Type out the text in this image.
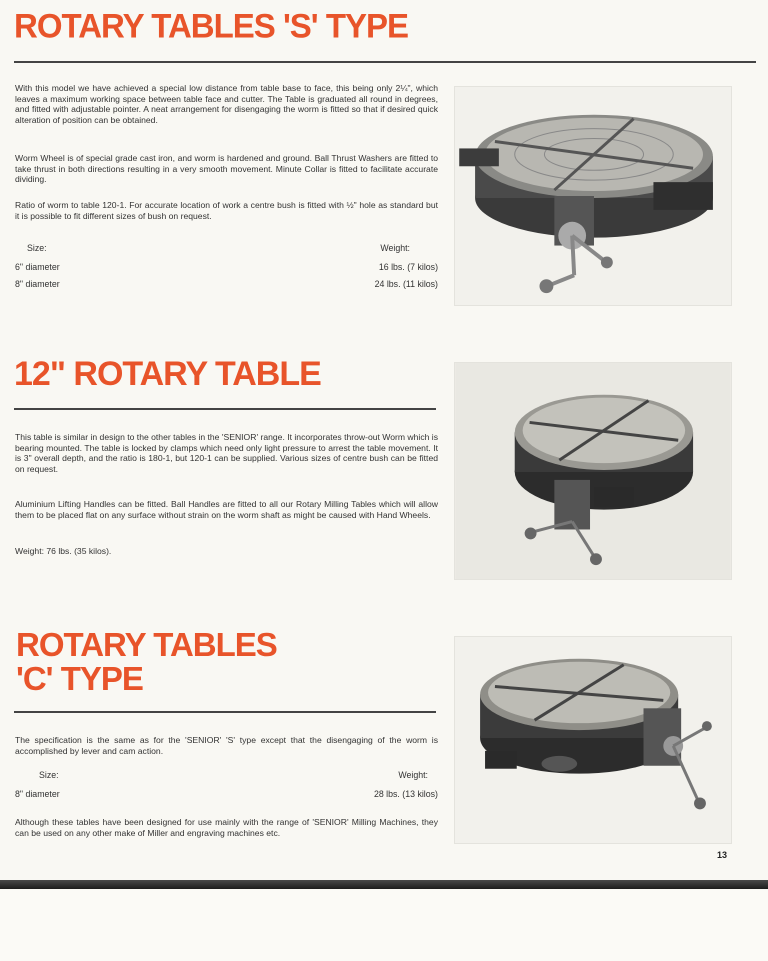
ROTARY TABLES 'S' TYPE
With this model we have achieved a special low distance from table base to face, this being only 2¼", which leaves a maximum working space between table face and cutter. The Table is graduated all round in degrees, and fitted with adjustable pointer. A neat arrangement for disengaging the worm is fitted so that if desired quick alteration of position can be obtained.
Worm Wheel is of special grade cast iron, and worm is hardened and ground. Ball Thrust Washers are fitted to take thrust in both directions resulting in a very smooth movement. Minute Collar is fitted to facilitate accurate dividing.
Ratio of worm to table 120-1. For accurate location of work a centre bush is fitted with ½" hole as standard but it is possible to fit different sizes of bush on request.
Size:	Weight:
6" diameter	16 lbs. (7 kilos)
8" diameter	24 lbs. (11 kilos)
12" ROTARY TABLE
This table is similar in design to the other tables in the 'SENIOR' range. It incorporates throw-out Worm which is bearing mounted. The table is locked by clamps which need only light pressure to arrest the table movement. It is 3" overall depth, and the ratio is 180-1, but 120-1 can be supplied. Various sizes of centre bush can be fitted on request.
Aluminium Lifting Handles can be fitted. Ball Handles are fitted to all our Rotary Milling Tables which will allow them to be placed flat on any surface without strain on the worm shaft as might be caused with Hand Wheels.
Weight: 76 lbs. (35 kilos).
ROTARY TABLES
'C' TYPE
The specification is the same as for the 'SENIOR' 'S' type except that the disengaging of the worm is accomplished by lever and cam action.
Size:	Weight:
8" diameter	28 lbs. (13 kilos)
Although these tables have been designed for use mainly with the range of 'SENIOR' Milling Machines, they can be used on any other make of Miller and engraving machines etc.
13
